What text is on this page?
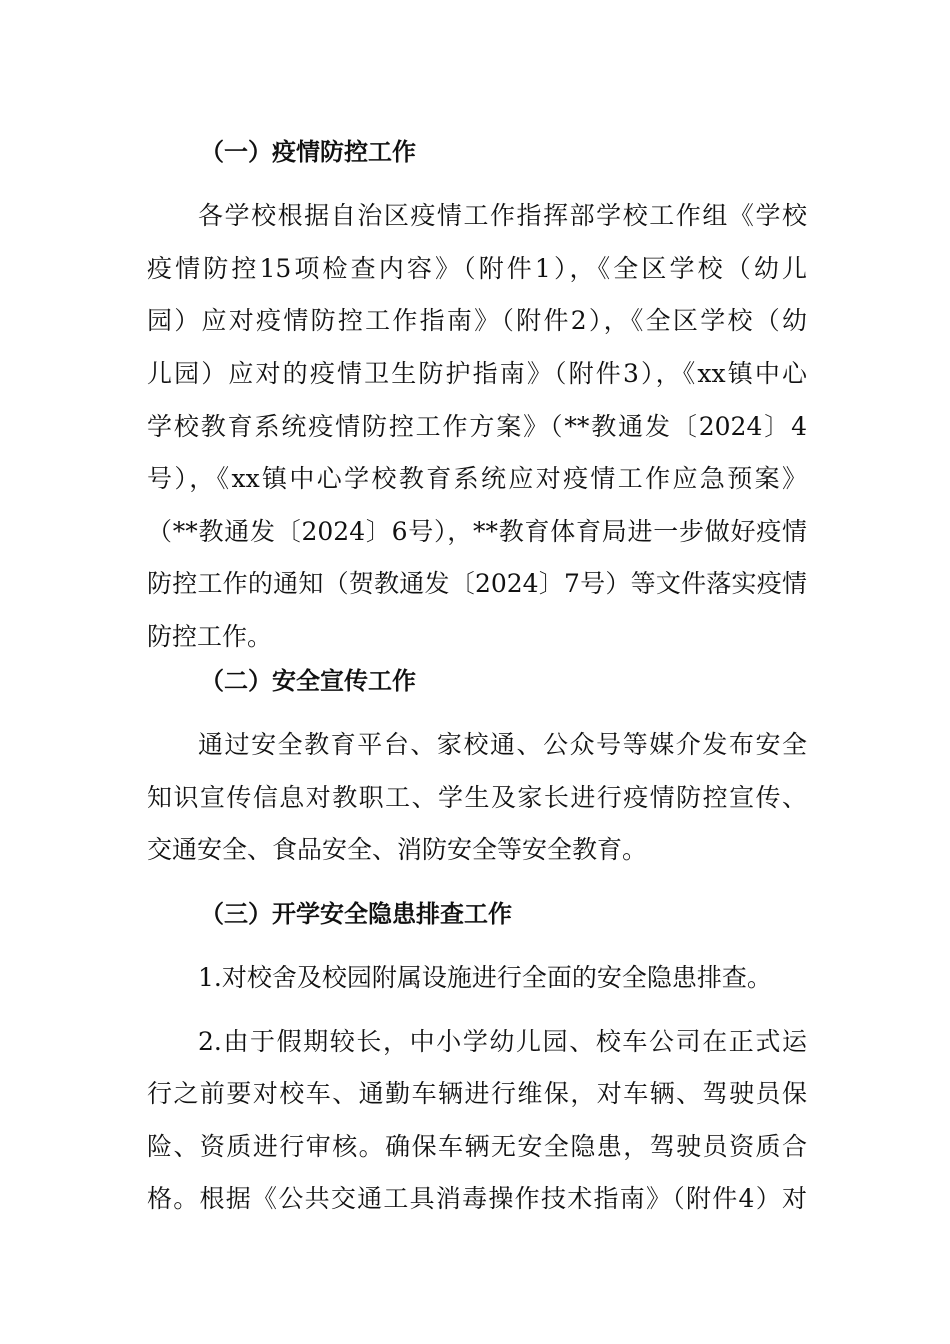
（一）疫情防控工作
各学校根据自治区疫情工作指挥部学校工作组《学校
疫情防控15项检查内容》（附件1），《全区学校（幼儿
园）应对疫情防控工作指南》（附件2），《全区学校（幼
儿园）应对的疫情卫生防护指南》（附件3），《xx镇中心
学校教育系统疫情防控工作方案》（**教通发〔2024〕4
号），《xx镇中心学校教育系统应对疫情工作应急预案》
（**教通发〔2024〕6号），**教育体育局进一步做好疫情
防控工作的通知（贺教通发〔2024〕7号）等文件落实疫情
防控工作。
（二）安全宣传工作
通过安全教育平台、家校通、公众号等媒介发布安全
知识宣传信息对教职工、学生及家长进行疫情防控宣传、
交通安全、食品安全、消防安全等安全教育。
（三）开学安全隐患排查工作
1.对校舍及校园附属设施进行全面的安全隐患排查。
2.由于假期较长，中小学幼儿园、校车公司在正式运
行之前要对校车、通勤车辆进行维保，对车辆、驾驶员保
险、资质进行审核。确保车辆无安全隐患，驾驶员资质合
格。根据《公共交通工具消毒操作技术指南》（附件4）对
